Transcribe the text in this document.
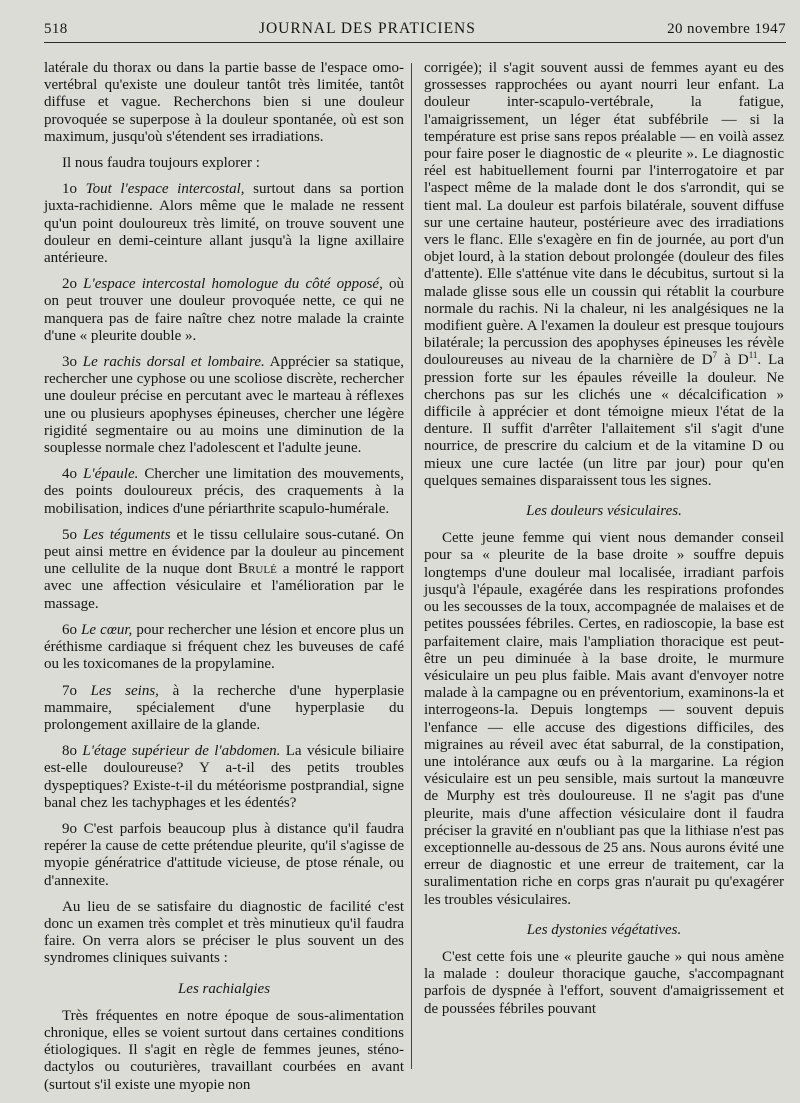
518	JOURNAL DES PRATICIENS	20 novembre 1947

latérale du thorax ou dans la partie basse de l'espace omo-vertébral qu'existe une douleur tantôt très limitée, tantôt diffuse et vague. Recherchons bien si une douleur provoquée se superpose à la douleur spontanée, où est son maximum, jusqu'où s'étendent ses irradiations.

Il nous faudra toujours explorer :

1o Tout l'espace intercostal, surtout dans sa portion juxta-rachidienne. Alors même que le malade ne ressent qu'un point douloureux très limité, on trouve souvent une douleur en demi-ceinture allant jusqu'à la ligne axillaire antérieure.

2o L'espace intercostal homologue du côté opposé, où on peut trouver une douleur provoquée nette, ce qui ne manquera pas de faire naître chez notre malade la crainte d'une « pleurite double ».

3o Le rachis dorsal et lombaire. Apprécier sa statique, rechercher une cyphose ou une scoliose discrète, rechercher une douleur précise en percutant avec le marteau à réflexes une ou plusieurs apophyses épineuses, chercher une légère rigidité segmentaire ou au moins une diminution de la souplesse normale chez l'adolescent et l'adulte jeune.

4o L'épaule. Chercher une limitation des mouvements, des points douloureux précis, des craquements à la mobilisation, indices d'une périarthrite scapulo-humérale.

5o Les téguments et le tissu cellulaire sous-cutané. On peut ainsi mettre en évidence par la douleur au pincement une cellulite de la nuque dont Brulé a montré le rapport avec une affection vésiculaire et l'amélioration par le massage.

6o Le cœur, pour rechercher une lésion et encore plus un éréthisme cardiaque si fréquent chez les buveuses de café ou les toxicomanes de la propylamine.

7o Les seins, à la recherche d'une hyperplasie mammaire, spécialement d'une hyperplasie du prolongement axillaire de la glande.

8o L'étage supérieur de l'abdomen. La vésicule biliaire est-elle douloureuse? Y a-t-il des petits troubles dyspeptiques? Existe-t-il du météorisme postprandial, signe banal chez les tachyphages et les édentés?

9o C'est parfois beaucoup plus à distance qu'il faudra repérer la cause de cette prétendue pleurite, qu'il s'agisse de myopie génératrice d'attitude vicieuse, de ptose rénale, ou d'annexite.

Au lieu de se satisfaire du diagnostic de facilité c'est donc un examen très complet et très minutieux qu'il faudra faire. On verra alors se préciser le plus souvent un des syndromes cliniques suivants :

Les rachialgies

Très fréquentes en notre époque de sous-alimentation chronique, elles se voient surtout dans certaines conditions étiologiques. Il s'agit en règle de femmes jeunes, sténo-dactylos ou couturières, travaillant courbées en avant (surtout s'il existe une myopie non

corrigée); il s'agit souvent aussi de femmes ayant eu des grossesses rapprochées ou ayant nourri leur enfant. La douleur inter-scapulo-vertébrale, la fatigue, l'amaigrissement, un léger état subfébrile — si la température est prise sans repos préalable — en voilà assez pour faire poser le diagnostic de « pleurite ». Le diagnostic réel est habituellement fourni par l'interrogatoire et par l'aspect même de la malade dont le dos s'arrondit, qui se tient mal. La douleur est parfois bilatérale, souvent diffuse sur une certaine hauteur, postérieure avec des irradiations vers le flanc. Elle s'exagère en fin de journée, au port d'un objet lourd, à la station debout prolongée (douleur des files d'attente). Elle s'atténue vite dans le décubitus, surtout si la malade glisse sous elle un coussin qui rétablit la courbure normale du rachis. Ni la chaleur, ni les analgésiques ne la modifient guère. A l'examen la douleur est presque toujours bilatérale; la percussion des apophyses épineuses les révèle douloureuses au niveau de la charnière de $D^7$ à $D^{11}$. La pression forte sur les épaules réveille la douleur. Ne cherchons pas sur les clichés une « décalcification » difficile à apprécier et dont témoigne mieux l'état de la denture. Il suffit d'arrêter l'allaitement s'il s'agit d'une nourrice, de prescrire du calcium et de la vitamine D ou mieux une cure lactée (un litre par jour) pour qu'en quelques semaines disparaissent tous les signes.

Les douleurs vésiculaires.

Cette jeune femme qui vient nous demander conseil pour sa « pleurite de la base droite » souffre depuis longtemps d'une douleur mal localisée, irradiant parfois jusqu'à l'épaule, exagérée dans les respirations profondes ou les secousses de la toux, accompagnée de malaises et de petites poussées fébriles. Certes, en radioscopie, la base est parfaitement claire, mais l'ampliation thoracique est peut-être un peu diminuée à la base droite, le murmure vésiculaire un peu plus faible. Mais avant d'envoyer notre malade à la campagne ou en préventorium, examinons-la et interrogeons-la. Depuis longtemps — souvent depuis l'enfance — elle accuse des digestions difficiles, des migraines au réveil avec état saburral, de la constipation, une intolérance aux œufs ou à la margarine. La région vésiculaire est un peu sensible, mais surtout la manœuvre de Murphy est très douloureuse. Il ne s'agit pas d'une pleurite, mais d'une affection vésiculaire dont il faudra préciser la gravité en n'oubliant pas que la lithiase n'est pas exceptionnelle au-dessous de 25 ans. Nous aurons évité une erreur de diagnostic et une erreur de traitement, car la suralimentation riche en corps gras n'aurait pu qu'exagérer les troubles vésiculaires.

Les dystonies végétatives.

C'est cette fois une « pleurite gauche » qui nous amène la malade : douleur thoracique gauche, s'accompagnant parfois de dyspnée à l'effort, souvent d'amaigrissement et de poussées fébriles pouvant
